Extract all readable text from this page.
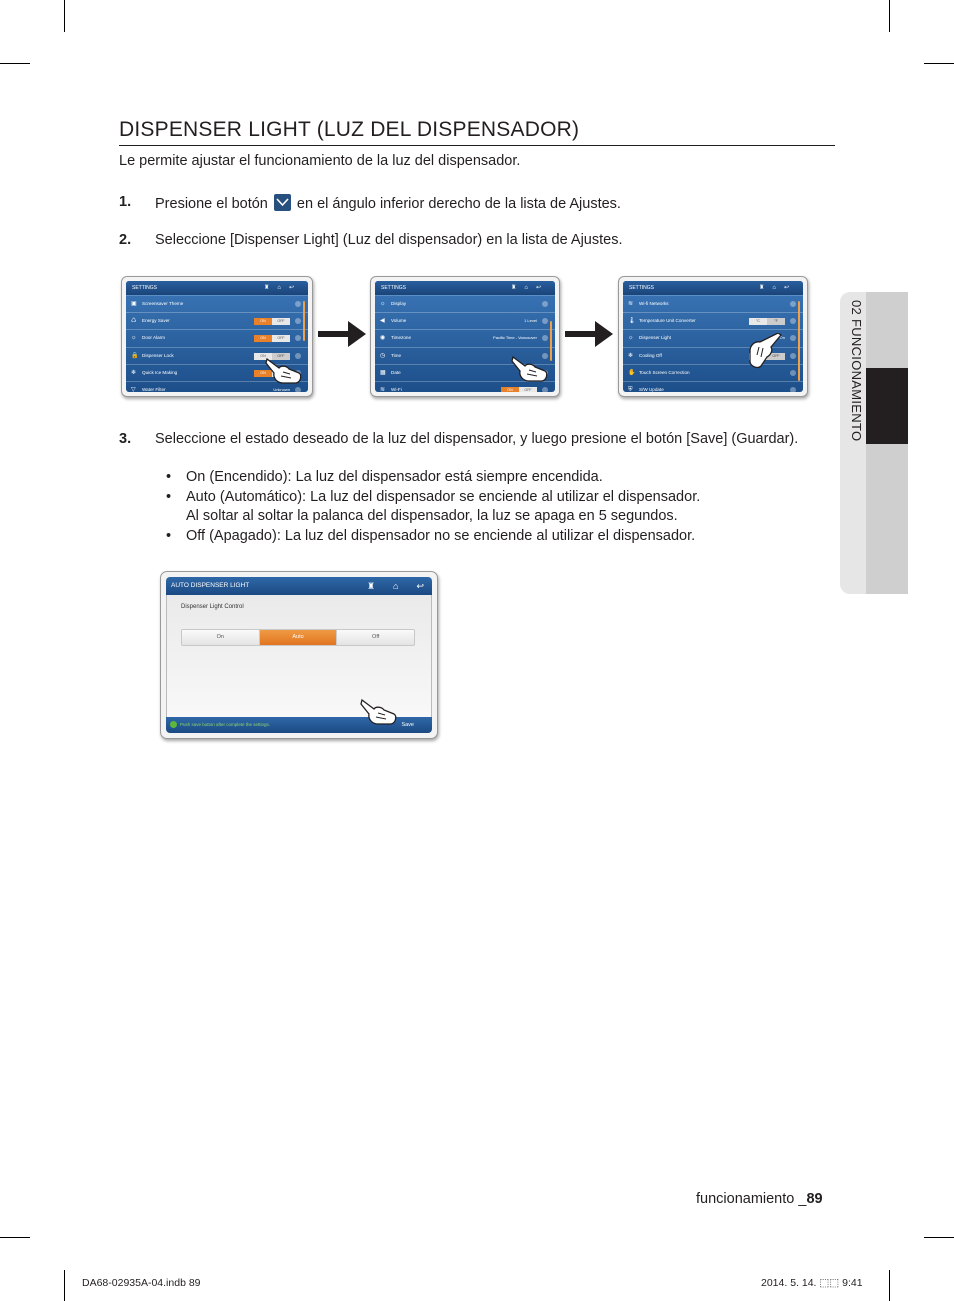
DISPENSER LIGHT (LUZ DEL DISPENSADOR)
Le permite ajustar el funcionamiento de la luz del dispensador.
1. Presione el botón en el ángulo inferior derecho de la lista de Ajustes.
2. Seleccione [Dispenser Light] (Luz del dispensador) en la lista de Ajustes.
SETTINGS	♜⌂↩
▣ Screensaver Theme
♺ Energy Saver	ON	OFF
☼ Door Alarm	ON	OFF
🔒 Dispenser Lock	ON	OFF
❄ Quick Ice Making	ON
▽ Water Filter	Unknown
SETTINGS	♜⌂↩
☼ Display
◀ Volume	1 Level
◉ Timezone	Pacific Time - Vancouver
◷ Time
▦ Date
≋ Wi-Fi	ON	OFF
SETTINGS	♜⌂↩
≋ Wi-fi Networks
🌡 Temperature Unit Converter	°C	°F
☼ Dispenser Light	On
❄ Cooling Off	OFF
✋ Touch Screen Correction
⛨ S/W Update
3. Seleccione el estado deseado de la luz del dispensador, y luego presione el botón [Save] (Guardar).
• On (Encendido): La luz del dispensador está siempre encendida.
• Auto (Automático): La luz del dispensador se enciende al utilizar el dispensador.
Al soltar al soltar la palanca del dispensador, la luz se apaga en 5 segundos.
• Off (Apagado): La luz del dispensador no se enciende al utilizar el dispensador.
AUTO DISPENSER LIGHT	♜ ⌂ ↩
Dispenser Light Control
On	Auto	Off
Push save button after complete the settings.	Save
02 FUNCIONAMIENTO
funcionamiento _89
DA68-02935A-04.indb 89	2014. 5. 14. ⬚⬚ 9:41
